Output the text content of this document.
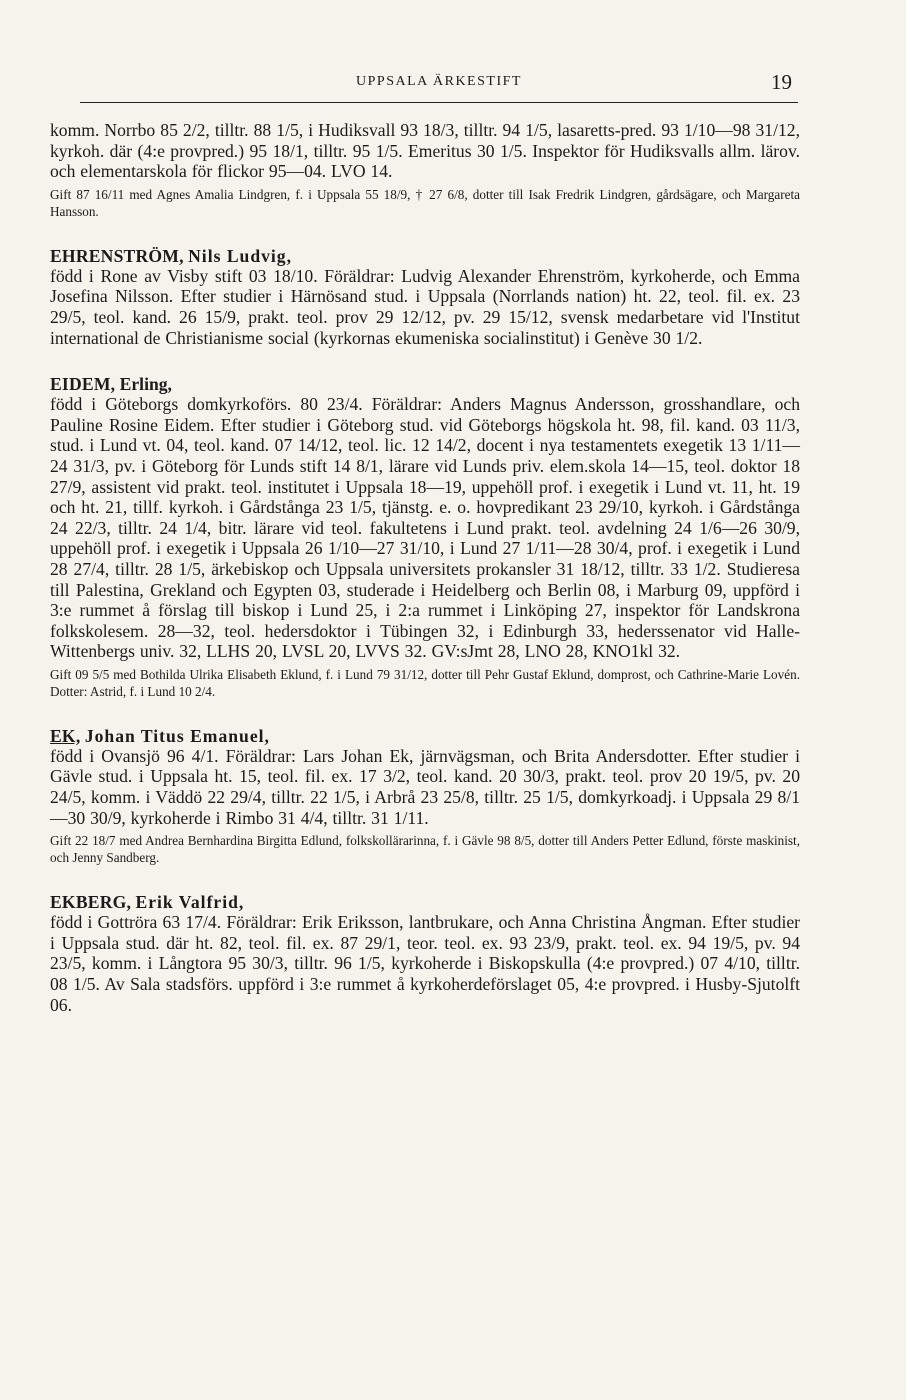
UPPSALA ÄRKESTIFT	19

komm. Norrbo 85 2/2, tilltr. 88 1/5, i Hudiksvall 93 18/3, tilltr. 94 1/5, lasaretts-pred. 93 1/10—98 31/12, kyrkoh. där (4:e provpred.) 95 18/1, tilltr. 95 1/5. Emeritus 30 1/5. Inspektor för Hudiksvalls allm. lärov. och elementarskola för flickor 95—04. LVO 14.

Gift 87 16/11 med Agnes Amalia Lindgren, f. i Uppsala 55 18/9, † 27 6/8, dotter till Isak Fredrik Lindgren, gårdsägare, och Margareta Hansson.

EHRENSTRÖM, Nils Ludvig,

född i Rone av Visby stift 03 18/10. Föräldrar: Ludvig Alexander Ehrenström, kyrkoherde, och Emma Josefina Nilsson. Efter studier i Härnösand stud. i Uppsala (Norrlands nation) ht. 22, teol. fil. ex. 23 29/5, teol. kand. 26 15/9, prakt. teol. prov 29 12/12, pv. 29 15/12, svensk medarbetare vid l'Institut international de Christianisme social (kyrkornas ekumeniska socialinstitut) i Genève 30 1/2.

EIDEM, Erling,

född i Göteborgs domkyrkoförs. 80 23/4. Föräldrar: Anders Magnus Andersson, grosshandlare, och Pauline Rosine Eidem. Efter studier i Göteborg stud. vid Göteborgs högskola ht. 98, fil. kand. 03 11/3, stud. i Lund vt. 04, teol. kand. 07 14/12, teol. lic. 12 14/2, docent i nya testamentets exegetik 13 1/11—24 31/3, pv. i Göteborg för Lunds stift 14 8/1, lärare vid Lunds priv. elem.skola 14—15, teol. doktor 18 27/9, assistent vid prakt. teol. institutet i Uppsala 18—19, uppehöll prof. i exegetik i Lund vt. 11, ht. 19 och ht. 21, tillf. kyrkoh. i Gårdstånga 23 1/5, tjänstg. e. o. hovpredikant 23 29/10, kyrkoh. i Gårdstånga 24 22/3, tilltr. 24 1/4, bitr. lärare vid teol. fakultetens i Lund prakt. teol. avdelning 24 1/6—26 30/9, uppehöll prof. i exegetik i Uppsala 26 1/10—27 31/10, i Lund 27 1/11—28 30/4, prof. i exegetik i Lund 28 27/4, tilltr. 28 1/5, ärkebiskop och Uppsala universitets prokansler 31 18/12, tilltr. 33 1/2. Studieresa till Palestina, Grekland och Egypten 03, studerade i Heidelberg och Berlin 08, i Marburg 09, uppförd i 3:e rummet å förslag till biskop i Lund 25, i 2:a rummet i Linköping 27, inspektor för Landskrona folkskolesem. 28—32, teol. hedersdoktor i Tübingen 32, i Edinburgh 33, hederssenator vid Halle-Wittenbergs univ. 32, LLHS 20, LVSL 20, LVVS 32. GV:sJmt 28, LNO 28, KNO1kl 32.

Gift 09 5/5 med Bothilda Ulrika Elisabeth Eklund, f. i Lund 79 31/12, dotter till Pehr Gustaf Eklund, domprost, och Cathrine-Marie Lovén. Dotter: Astrid, f. i Lund 10 2/4.

EK, Johan Titus Emanuel,

född i Ovansjö 96 4/1. Föräldrar: Lars Johan Ek, järnvägsman, och Brita Andersdotter. Efter studier i Gävle stud. i Uppsala ht. 15, teol. fil. ex. 17 3/2, teol. kand. 20 30/3, prakt. teol. prov 20 19/5, pv. 20 24/5, komm. i Väddö 22 29/4, tilltr. 22 1/5, i Arbrå 23 25/8, tilltr. 25 1/5, domkyrkoadj. i Uppsala 29 8/1—30 30/9, kyrkoherde i Rimbo 31 4/4, tilltr. 31 1/11.

Gift 22 18/7 med Andrea Bernhardina Birgitta Edlund, folkskollärarinna, f. i Gävle 98 8/5, dotter till Anders Petter Edlund, förste maskinist, och Jenny Sandberg.

EKBERG, Erik Valfrid,

född i Gottröra 63 17/4. Föräldrar: Erik Eriksson, lantbrukare, och Anna Christina Ångman. Efter studier i Uppsala stud. där ht. 82, teol. fil. ex. 87 29/1, teor. teol. ex. 93 23/9, prakt. teol. ex. 94 19/5, pv. 94 23/5, komm. i Långtora 95 30/3, tilltr. 96 1/5, kyrkoherde i Biskopskulla (4:e provpred.) 07 4/10, tilltr. 08 1/5. Av Sala stadsförs. uppförd i 3:e rummet å kyrkoherdeförslaget 05, 4:e provpred. i Husby-Sjutolft 06.
